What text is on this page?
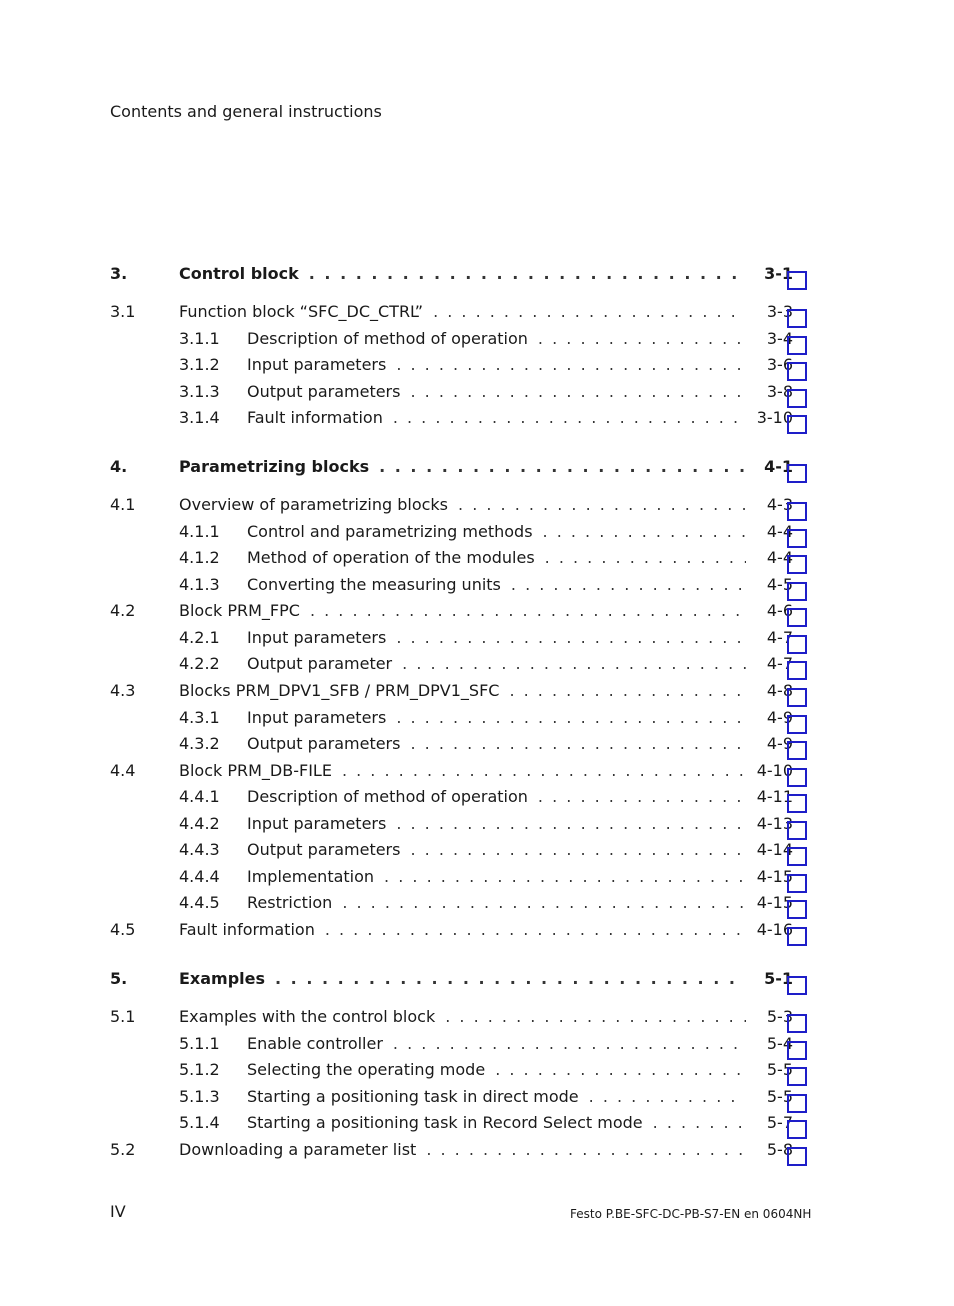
Contents and general instructions
3.	Control block . . .	3-1
3.1	Function block “SFC_DC_CTRL” . . .	3-3
3.1.1 Description of method of operation . . .	3-4
3.1.2 Input parameters . . .	3-6
3.1.3 Output parameters . . .	3-8
3.1.4 Fault information . . .	3-10
4.	Parametrizing blocks . . .	4-1
4.1	Overview of parametrizing blocks . . .	4-3
4.1.1 Control and parametrizing methods . . .	4-4
4.1.2 Method of operation of the modules . . .	4-4
4.1.3 Converting the measuring units . . .	4-5
4.2	Block PRM_FPC . . .	4-6
4.2.1 Input parameters . . .	4-7
4.2.2 Output parameter . . .	4-7
4.3	Blocks PRM_DPV1_SFB / PRM_DPV1_SFC . . .	4-8
4.3.1 Input parameters . . .	4-9
4.3.2 Output parameters . . .	4-9
4.4	Block PRM_DB-FILE . . .	4-10
4.4.1 Description of method of operation . . .	4-11
4.4.2 Input parameters . . .	4-13
4.4.3 Output parameters . . .	4-14
4.4.4 Implementation . . .	4-15
4.4.5 Restriction . . .	4-15
4.5	Fault information . . .	4-16
5.	Examples . . .	5-1
5.1	Examples with the control block . . .	5-3
5.1.1 Enable controller . . .	5-4
5.1.2 Selecting the operating mode . . .	5-5
5.1.3 Starting a positioning task in direct mode . . .	5-5
5.1.4 Starting a positioning task in Record Select mode . . .	5-7
5.2	Downloading a parameter list . . .	5-8
IV	Festo P.BE-SFC-DC-PB-S7-EN en 0604NH
